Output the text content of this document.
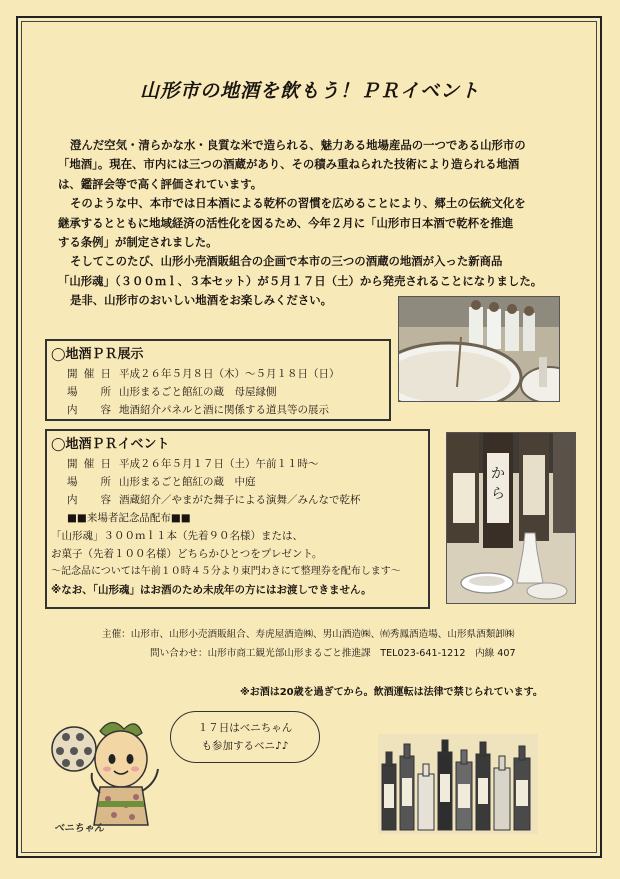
山形市の地酒を飲もう！ＰＲイベント

澄んだ空気・清らかな水・良質な米で造られる、魅力ある地場産品の一つである山形市の

「地酒」。現在、市内には三つの酒蔵があり、その積み重ねられた技術により造られる地酒

は、鑑評会等で高く評価されています。

そのような中、本市では日本酒による乾杯の習慣を広めることにより、郷土の伝統文化を

継承するとともに地域経済の活性化を図るため、今年２月に「山形市日本酒で乾杯を推進

する条例」が制定されました。

そしてこのたび、山形小売酒販組合の企画で本市の三つの酒蔵の地酒が入った新商品

「山形魂」（３００ｍｌ、３本セット）が５月１７日（土）から発売されることになりました。

是非、山形市のおいしい地酒をお楽しみください。

◯地酒ＰＲ展示
開催日 平成２６年５月８日（木）～５月１８日（日）
場　所 山形まるごと館紅の蔵　母屋縁側
内　容 地酒紹介パネルと酒に関係する道具等の展示
◯地酒ＰＲイベント
開催日 平成２６年５月１７日（土）午前１１時～
場　所 山形まるごと館紅の蔵　中庭
内　容 酒蔵紹介／やまがた舞子による演舞／みんなで乾杯
■■来場者記念品配布■■
「山形魂」３００ｍｌ１本（先着９０名様）または、
お菓子（先着１００名様）どちらかひとつをプレゼント。
～記念品については午前１０時４５分より東門わきにて整理券を配布します～
※なお、「山形魂」はお酒のため未成年の方にはお渡しできません。
か
ら
主催：山形市、山形小売酒販組合、寿虎屋酒造㈱、男山酒造㈱、㈲秀鳳酒造場、山形県酒類卸㈱
問い合わせ：山形市商工観光部山形まるごと推進課　TEL023-641-1212　内線 407
※お酒は20歳を過ぎてから。飲酒運転は法律で禁じられています。
べニちゃん
１７日はベニちゃん
も参加するベニ♪♪
